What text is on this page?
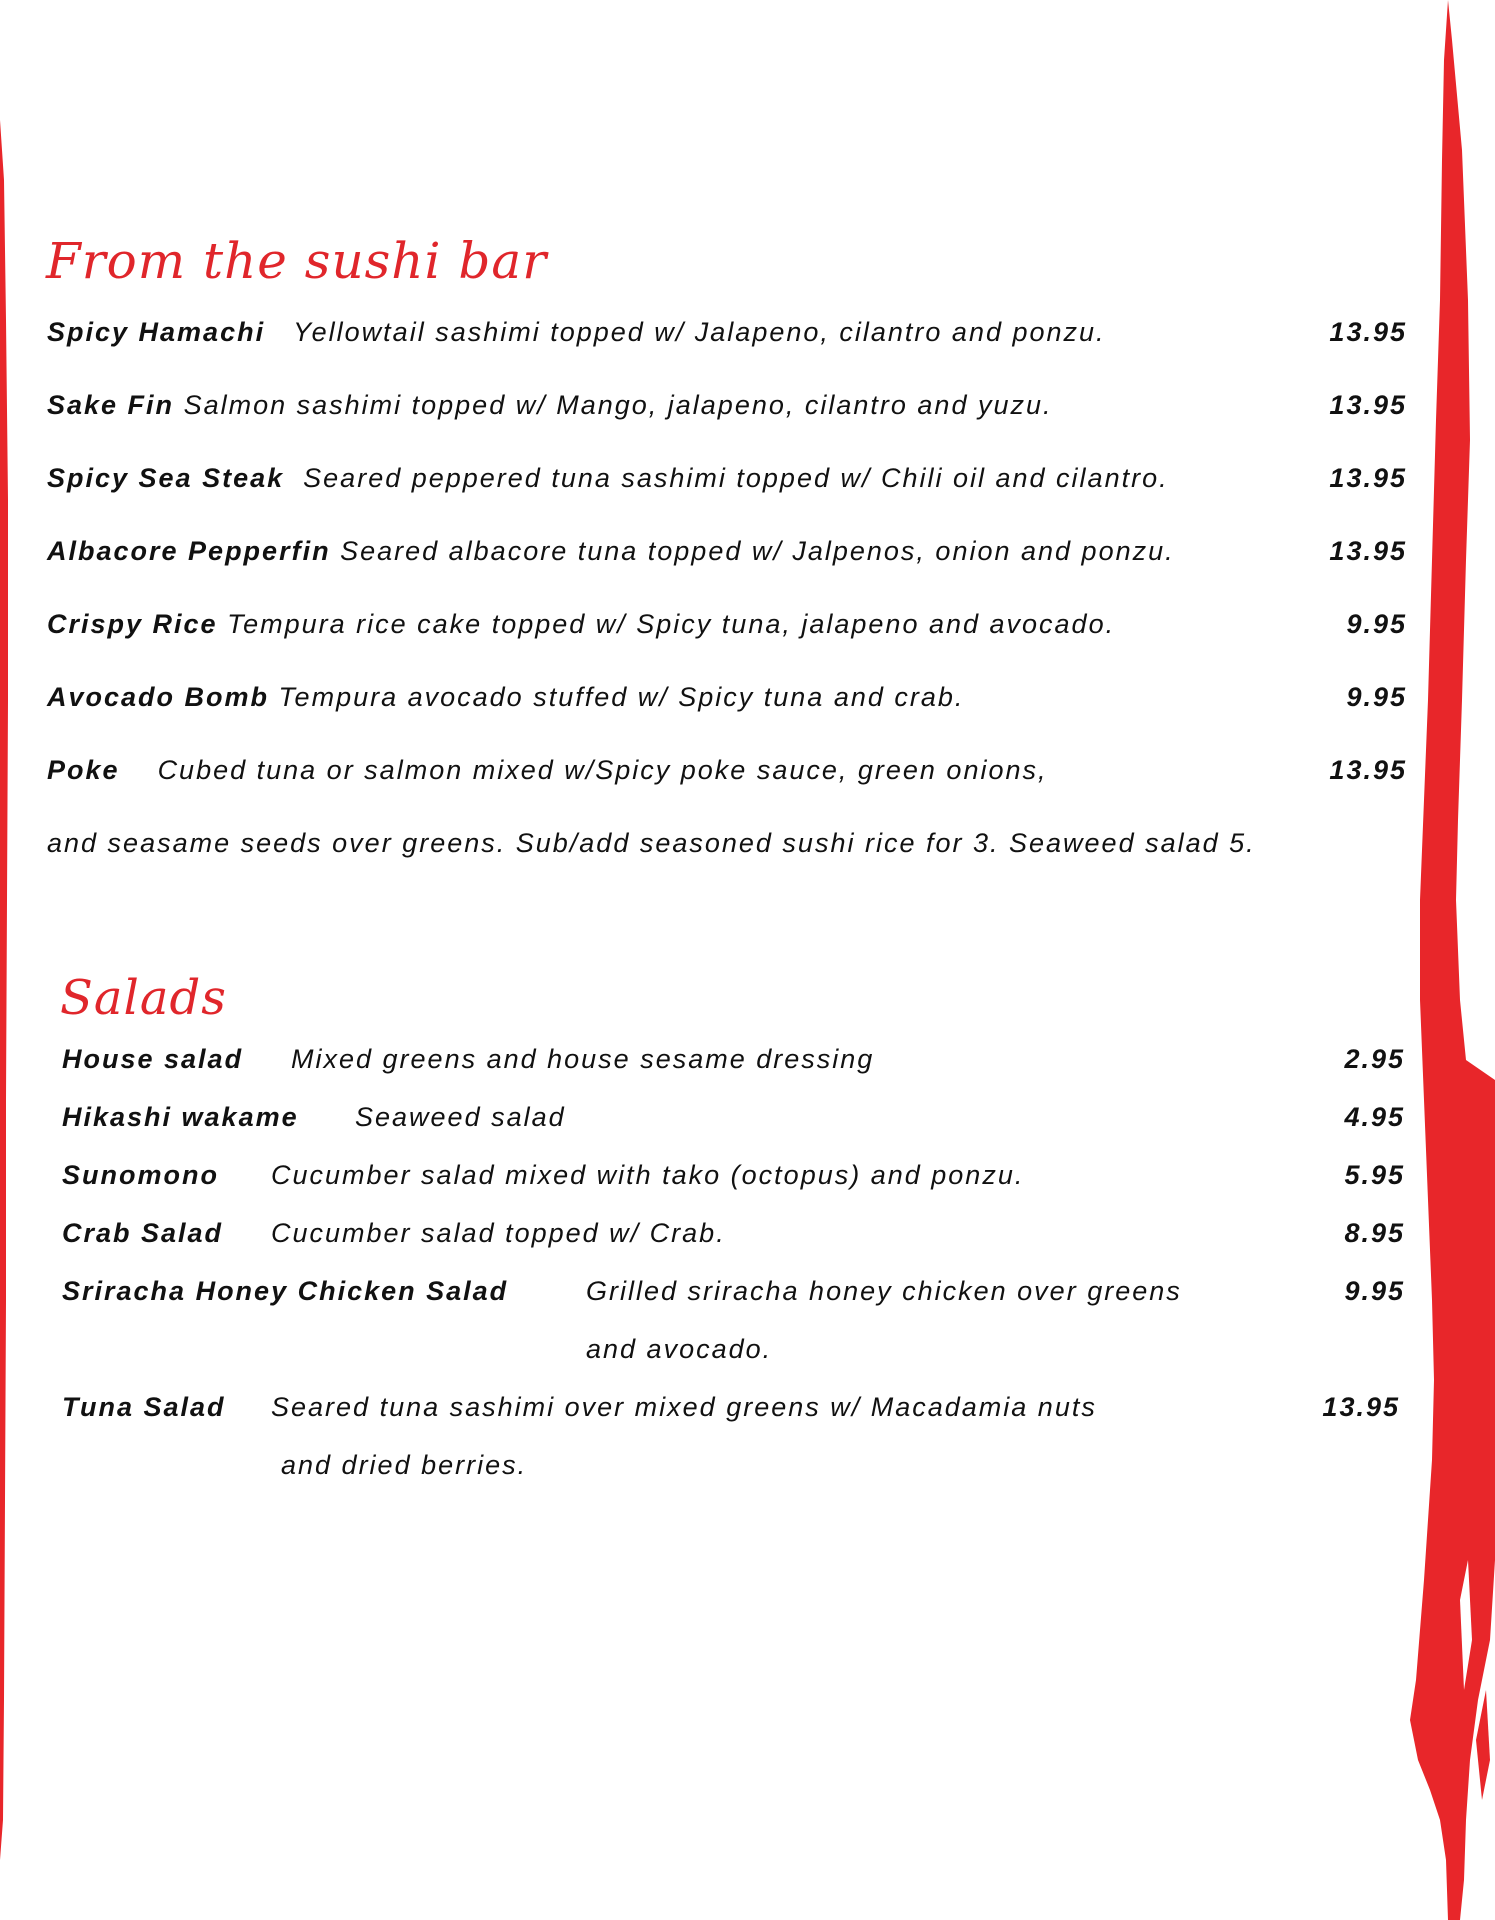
From the sushi bar
Spicy Hamachi Yellowtail sashimi topped w/ Jalapeno, cilantro and ponzu.	13.95
Sake Fin Salmon sashimi topped w/ Mango, jalapeno, cilantro and yuzu.	13.95
Spicy Sea Steak Seared peppered tuna sashimi topped w/ Chili oil and cilantro.	13.95
Albacore Pepperfin Seared albacore tuna topped w/ Jalpenos, onion and ponzu.	13.95
Crispy Rice Tempura rice cake topped w/ Spicy tuna, jalapeno and avocado.	9.95
Avocado Bomb Tempura avocado stuffed w/ Spicy tuna and crab.	9.95
Poke Cubed tuna or salmon mixed w/Spicy poke sauce, green onions,	13.95
and seasame seeds over greens. Sub/add seasoned sushi rice for 3. Seaweed salad 5.
Salads
House salad Mixed greens and house sesame dressing	2.95
Hikashi wakame Seaweed salad	4.95
Sunomono Cucumber salad mixed with tako (octopus) and ponzu.	5.95
Crab Salad Cucumber salad topped w/ Crab.	8.95
Sriracha Honey Chicken Salad	Grilled sriracha honey chicken over greens	9.95
and avocado.
Tuna Salad Seared tuna sashimi over mixed greens w/ Macadamia nuts	13.95
and dried berries.
